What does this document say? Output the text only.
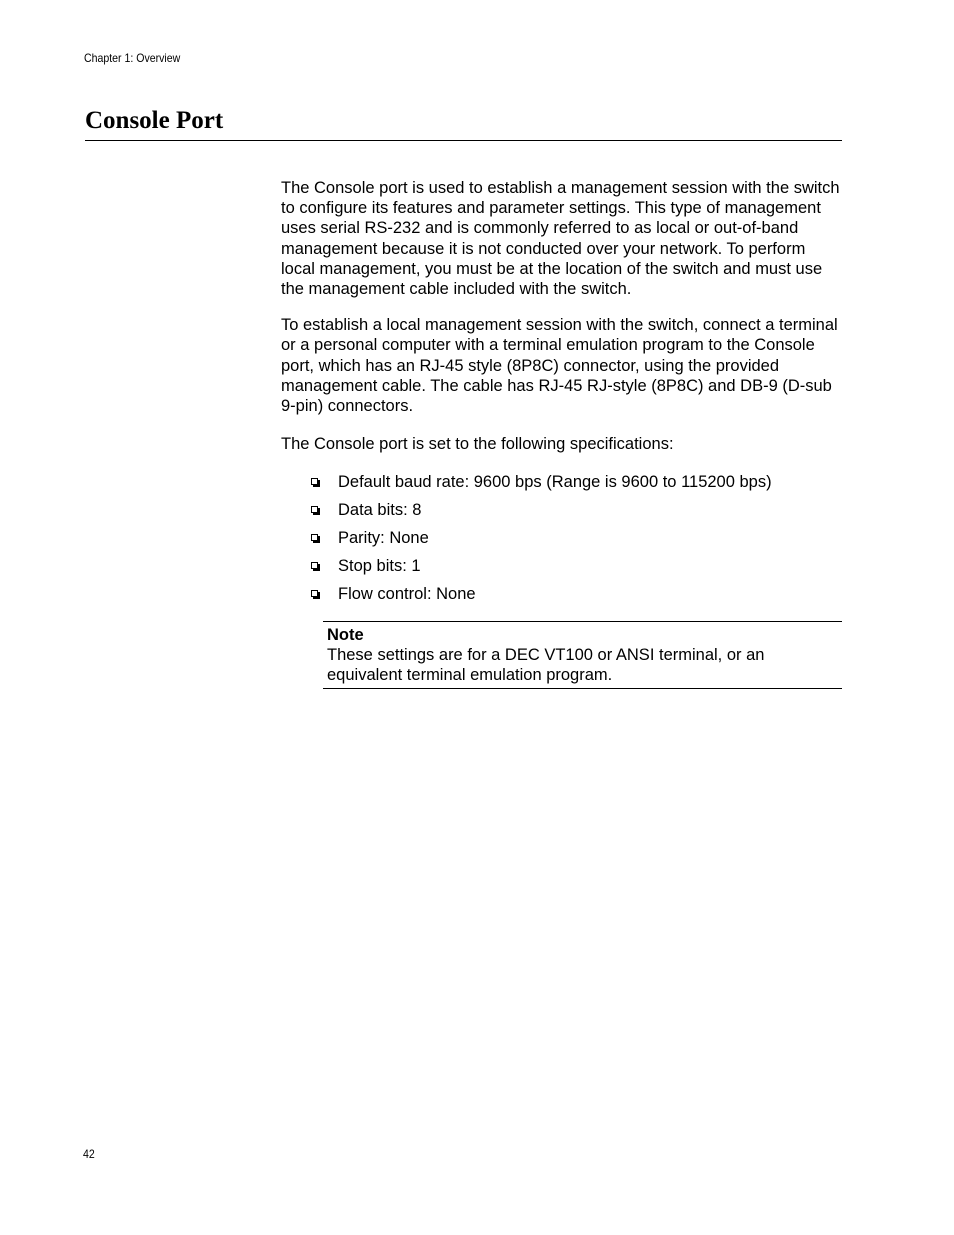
Chapter 1: Overview
Console Port

The Console port is used to establish a management session with the switch to configure its features and parameter settings. This type of management uses serial RS-232 and is commonly referred to as local or out-of-band management because it is not conducted over your network. To perform local management, you must be at the location of the switch and must use the management cable included with the switch.

To establish a local management session with the switch, connect a terminal or a personal computer with a terminal emulation program to the Console port, which has an RJ-45 style (8P8C) connector, using the provided management cable. The cable has RJ-45 RJ-style (8P8C) and DB-9 (D-sub 9-pin) connectors.

The Console port is set to the following specifications:

Default baud rate: 9600 bps (Range is 9600 to 115200 bps)
Data bits: 8
Parity: None
Stop bits: 1
Flow control: None
Note
These settings are for a DEC VT100 or ANSI terminal, or an equivalent terminal emulation program.
42
